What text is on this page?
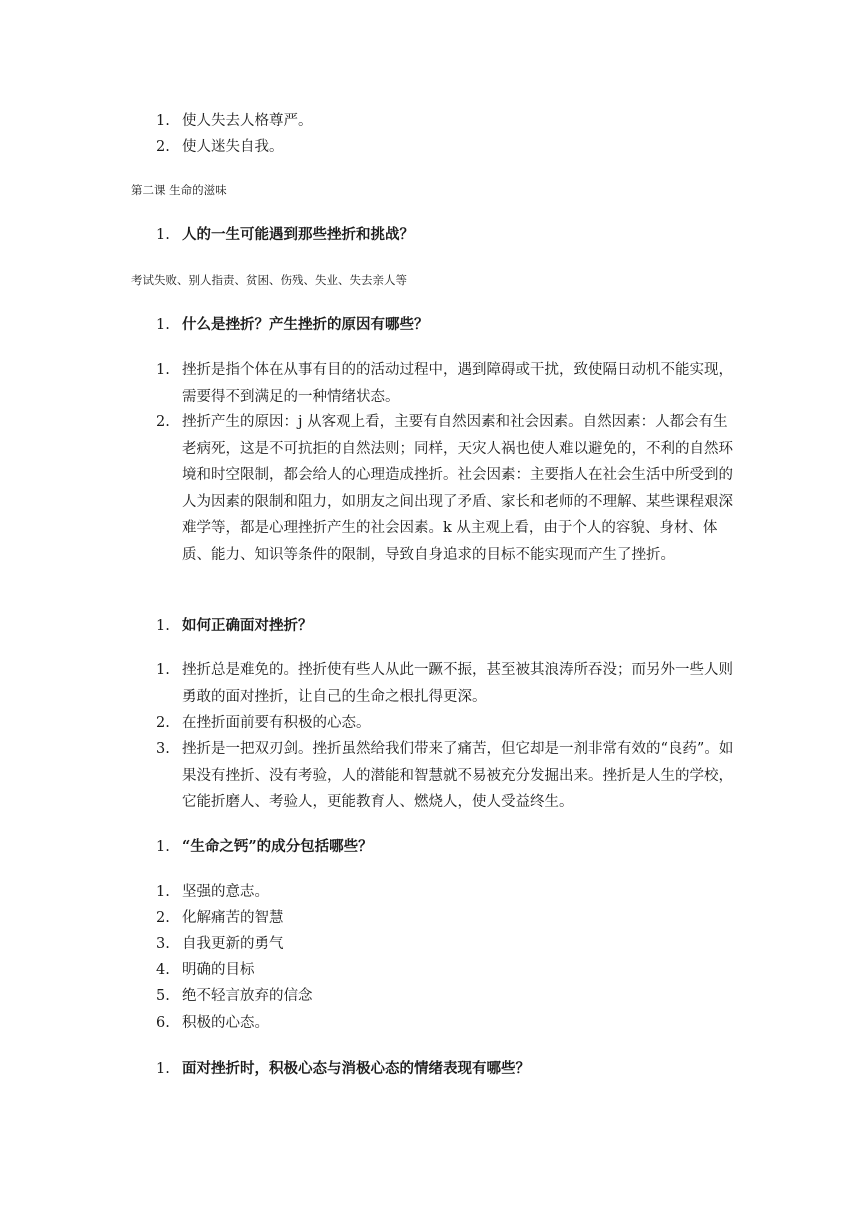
1. 使人失去人格尊严。
2. 使人迷失自我。
第二课 生命的滋味
1. 人的一生可能遇到那些挫折和挑战？
考试失败、别人指责、贫困、伤残、失业、失去亲人等
1. 什么是挫折？产生挫折的原因有哪些？
1. 挫折是指个体在从事有目的的活动过程中，遇到障碍或干扰，致使隔日动机不能实现，需要得不到满足的一种情绪状态。
2. 挫折产生的原因：j 从客观上看，主要有自然因素和社会因素。自然因素：人都会有生老病死，这是不可抗拒的自然法则；同样，天灾人祸也使人难以避免的，不利的自然环境和时空限制，都会给人的心理造成挫折。社会因素：主要指人在社会生活中所受到的人为因素的限制和阻力，如朋友之间出现了矛盾、家长和老师的不理解、某些课程艰深难学等，都是心理挫折产生的社会因素。k 从主观上看，由于个人的容貌、身材、体质、能力、知识等条件的限制，导致自身追求的目标不能实现而产生了挫折。
1. 如何正确面对挫折？
1. 挫折总是难免的。挫折使有些人从此一蹶不振，甚至被其浪涛所吞没；而另外一些人则勇敢的面对挫折，让自己的生命之根扎得更深。
2. 在挫折面前要有积极的心态。
3. 挫折是一把双刃剑。挫折虽然给我们带来了痛苦，但它却是一剂非常有效的“良药”。如果没有挫折、没有考验，人的潜能和智慧就不易被充分发掘出来。挫折是人生的学校，它能折磨人、考验人，更能教育人、燃烧人，使人受益终生。
1. “生命之钙”的成分包括哪些？
1. 坚强的意志。
2. 化解痛苦的智慧
3. 自我更新的勇气
4. 明确的目标
5. 绝不轻言放弃的信念
6. 积极的心态。
1. 面对挫折时，积极心态与消极心态的情绪表现有哪些？
